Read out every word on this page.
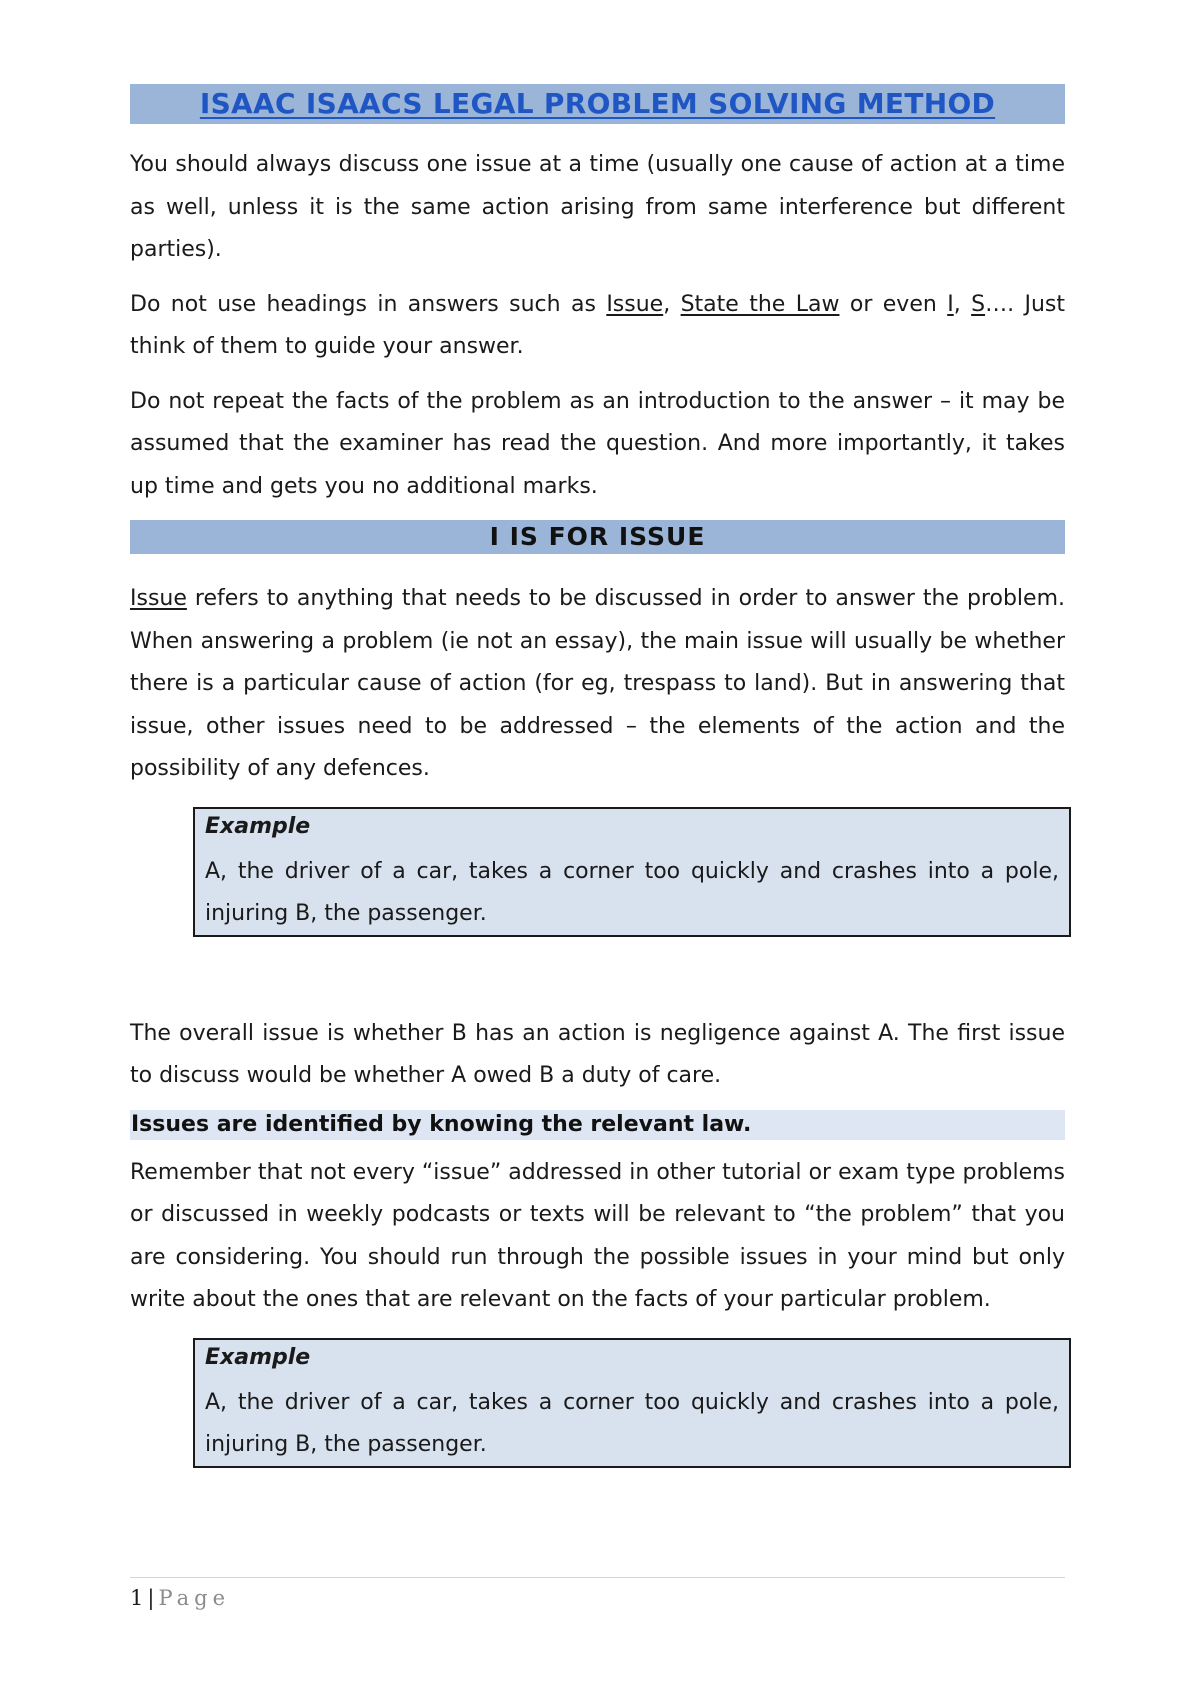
ISAAC ISAACS LEGAL PROBLEM SOLVING METHOD

You should always discuss one issue at a time (usually one cause of action at a time as well, unless it is the same action arising from same interference but different parties).

Do not use headings in answers such as Issue, State the Law or even I, S…. Just think of them to guide your answer.

Do not repeat the facts of the problem as an introduction to the answer – it may be assumed that the examiner has read the question. And more importantly, it takes up time and gets you no additional marks.

I IS FOR ISSUE

Issue refers to anything that needs to be discussed in order to answer the problem. When answering a problem (ie not an essay), the main issue will usually be whether there is a particular cause of action (for eg, trespass to land). But in answering that issue, other issues need to be addressed – the elements of the action and the possibility of any defences.

Example

A, the driver of a car, takes a corner too quickly and crashes into a pole, injuring B, the passenger.

The overall issue is whether B has an action is negligence against A. The first issue to discuss would be whether A owed B a duty of care.

Issues are identified by knowing the relevant law.

Remember that not every “issue” addressed in other tutorial or exam type problems or discussed in weekly podcasts or texts will be relevant to “the problem” that you are considering. You should run through the possible issues in your mind but only write about the ones that are relevant on the facts of your particular problem.

Example

A, the driver of a car, takes a corner too quickly and crashes into a pole, injuring B, the passenger.

1 | Page
